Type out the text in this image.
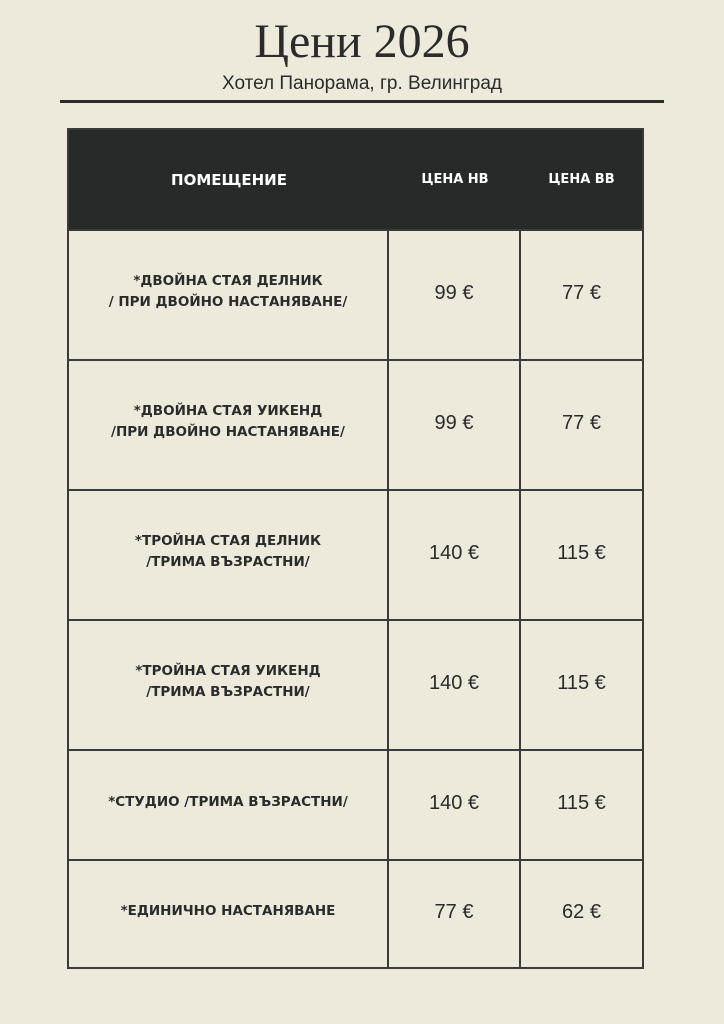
Цени 2026
Хотел Панорама, гр. Велинград
ПОМЕЩЕНИЕ	ЦЕНА НВ	ЦЕНА ВВ
*ДВОЙНА СТАЯ ДЕЛНИК
/ ПРИ ДВОЙНО НАСТАНЯВАНЕ/	99 €	77 €
*ДВОЙНА СТАЯ УИКЕНД
/ПРИ ДВОЙНО НАСТАНЯВАНЕ/	99 €	77 €
*ТРОЙНА СТАЯ ДЕЛНИК
/ТРИМА ВЪЗРАСТНИ/	140 €	115 €
*ТРОЙНА СТАЯ УИКЕНД
/ТРИМА ВЪЗРАСТНИ/	140 €	115 €
*СТУДИО /ТРИМА ВЪЗРАСТНИ/	140 €	115 €
*ЕДИНИЧНО НАСТАНЯВАНЕ	77 €	62 €
